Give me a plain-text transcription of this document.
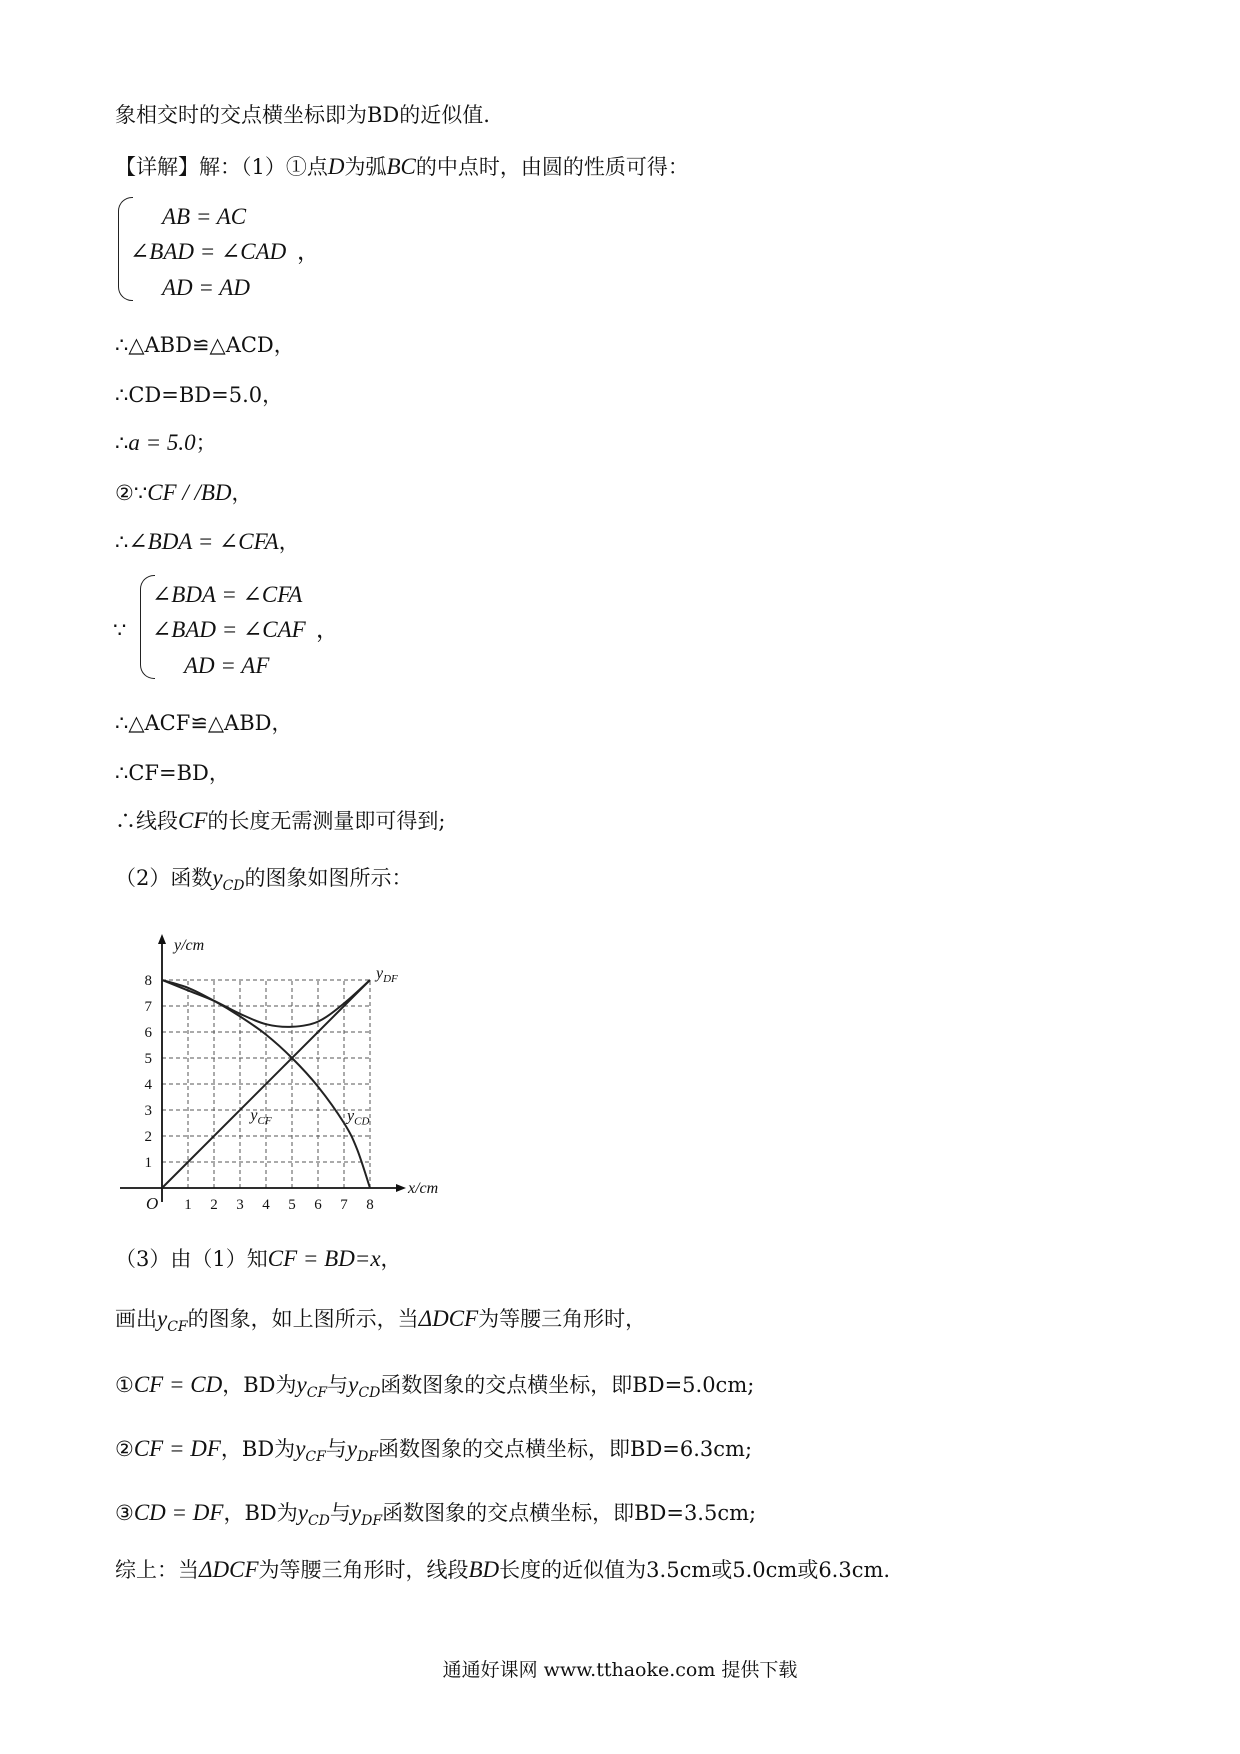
象相交时的交点横坐标即为BD的近似值.
【详解】解：（1）①点D为弧BC的中点时，由圆的性质可得：
AB = AC
∠BAD = ∠CAD ，
AD = AD
∴△ABD≌△ACD，
∴CD=BD=5.0，
∴a = 5.0；
②∵CF / /BD，
∴∠BDA = ∠CFA，
∵
∠BDA = ∠CFA
∠BAD = ∠CAF ，
AD = AF
∴△ACF≌△ABD，
∴CF=BD，
∴线段CF的长度无需测量即可得到;
（2）函数$y_{CD}$的图象如图所示：
1 2 3 4 5 6 7 8
1
2
3
4
5
6
7
8
O
x/cm
y/cm
$y_{DF}$
$y_{CD}$
$y_{CF}$
（3）由（1）知CF = BD=x，
画出$y_{CF}$的图象，如上图所示，当ΔDCF为等腰三角形时，
①CF = CD，BD为$y_{CF}$与$y_{CD}$函数图象的交点横坐标，即BD=5.0cm;
②CF = DF，BD为$y_{CF}$与$y_{DF}$函数图象的交点横坐标，即BD=6.3cm;
③CD = DF，BD为$y_{CD}$与$y_{DF}$函数图象的交点横坐标，即BD=3.5cm;
综上：当ΔDCF为等腰三角形时，线段BD长度的近似值为3.5cm或5.0cm或6.3cm.
通通好课网 www.tthaoke.com 提供下载
